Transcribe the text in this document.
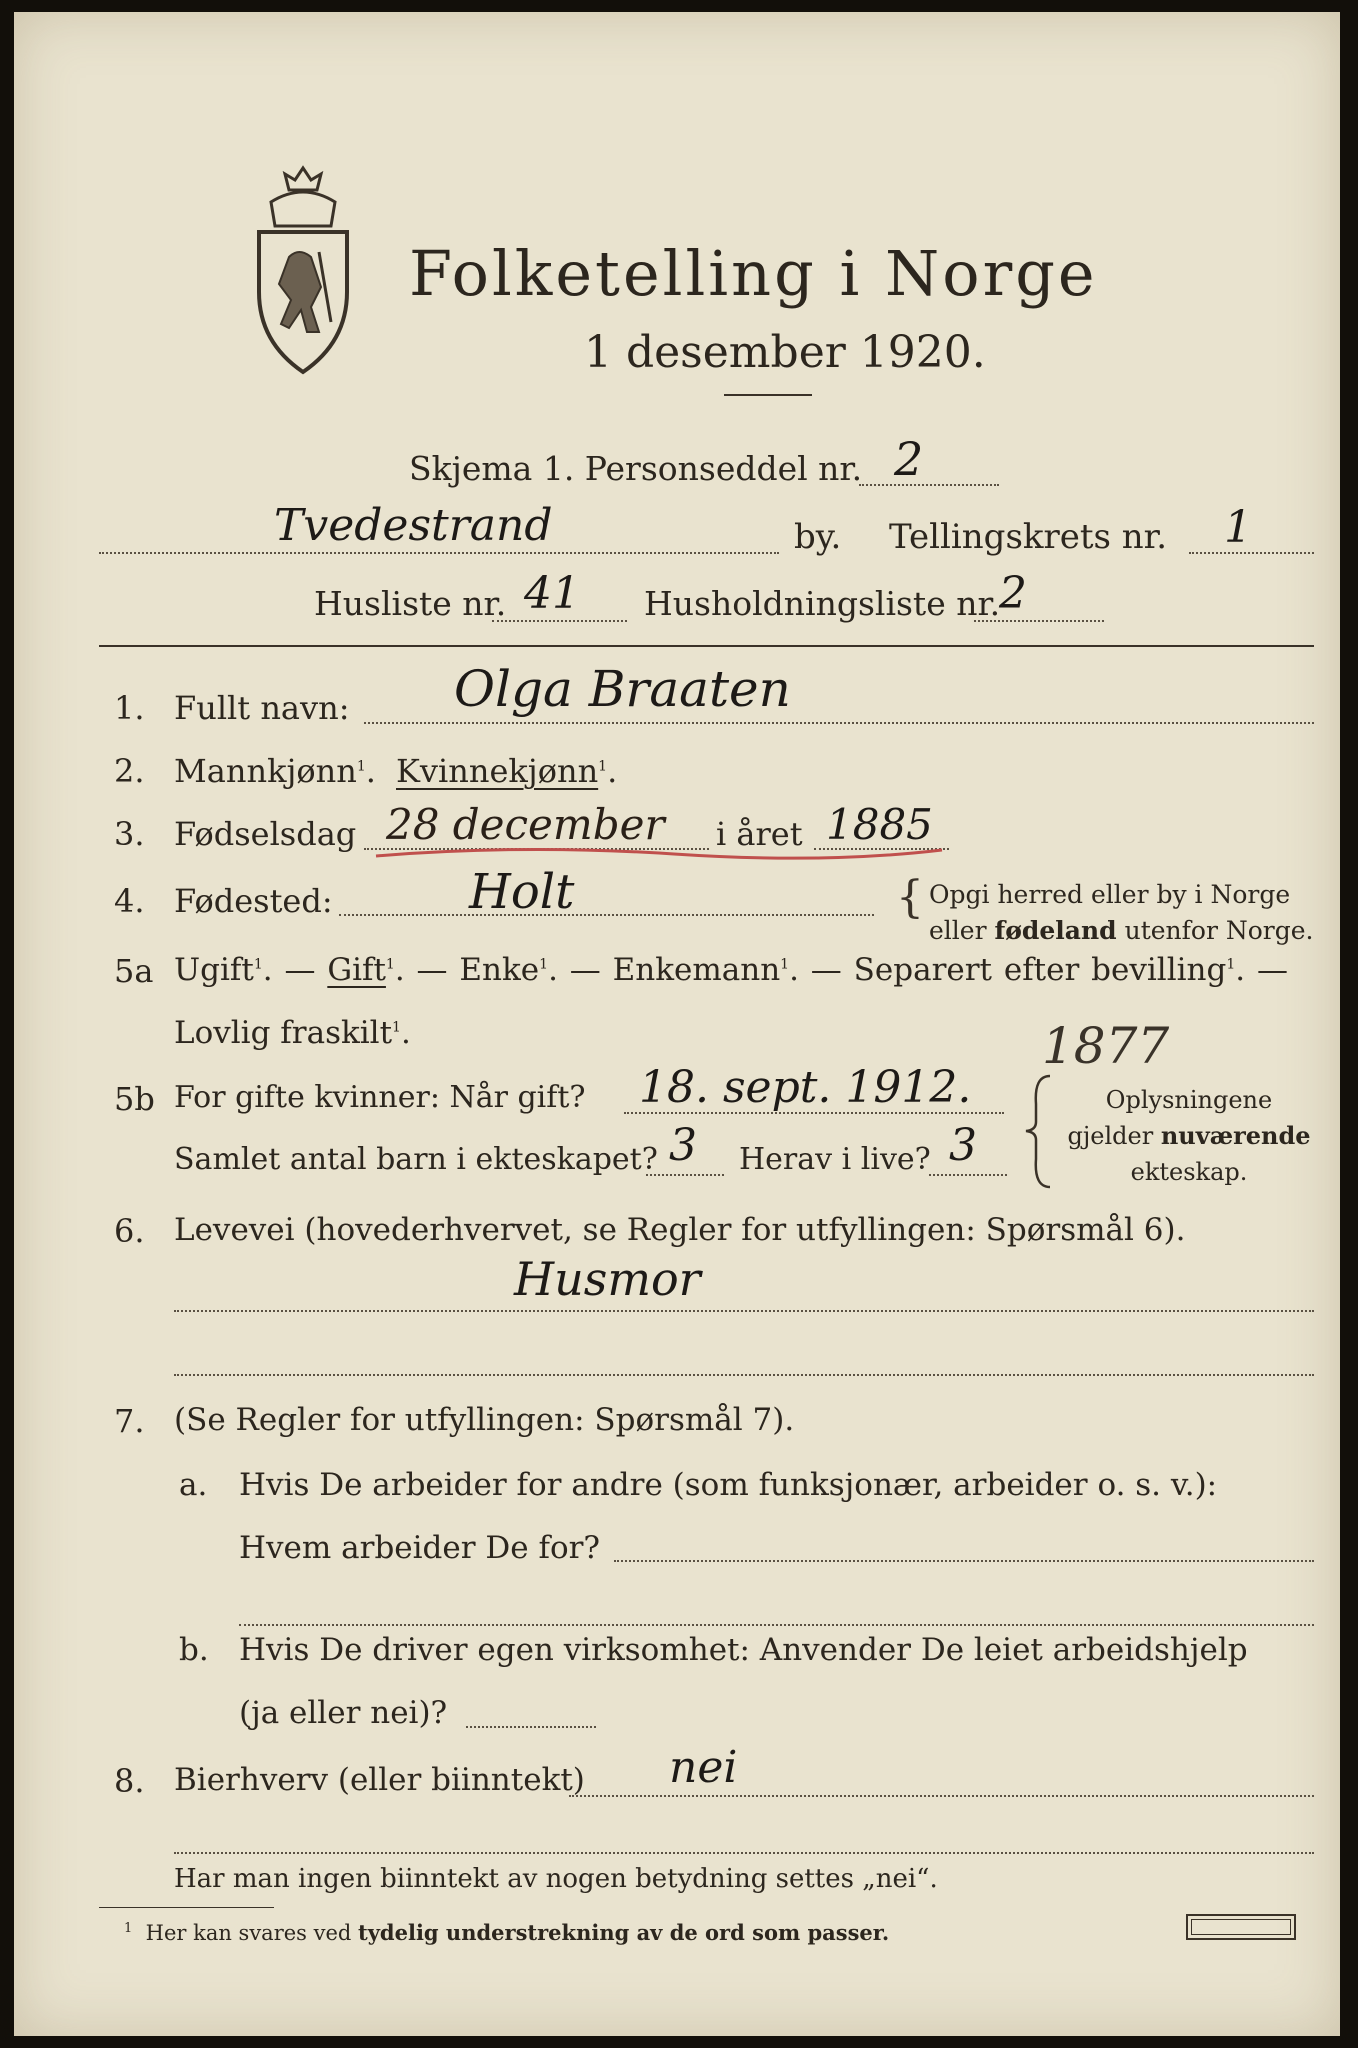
Folketelling i Norge
1 desember 1920.
Skjema 1. Personseddel nr. 2
Tvedestrand	by. Tellingskrets nr. 1
Husliste nr. 41 Husholdningsliste nr.
2
1. Fullt navn: Olga Braaten
2. Mannkjønn$^1$. Kvinnekjønn$^1$.
3. Fødselsdag 28 december i året 1885
4. Fødested:	Holt	{ Opgi herred eller by i Norge
eller fødeland utenfor Norge.
5a Ugift$^1$. — Gift$^1$. — Enke$^1$. — Enkemann$^1$. — Separert efter bevilling$^1$. —
Lovlig fraskilt$^1$.	1877
5b For gifte kvinner: Når gift? 18. sept. 1912.
Samlet antal barn i ekteskapet? 3 Herav i live? 3
Oplysningene
gjelder nuværende
ekteskap.
6. Levevei (hovederhvervet, se Regler for utfyllingen: Spørsmål 6).
Husmor
7. (Se Regler for utfyllingen: Spørsmål 7).
a. Hvis De arbeider for andre (som funksjonær, arbeider o. s. v.):
Hvem arbeider De for?
b. Hvis De driver egen virksomhet: Anvender De leiet arbeidshjelp
(ja eller nei)?
8. Bierhverv (eller biinntekt) nei
Har man ingen biinntekt av nogen betydning settes „nei“.
$^1$ Her kan svares ved tydelig understrekning av de ord som passer.
